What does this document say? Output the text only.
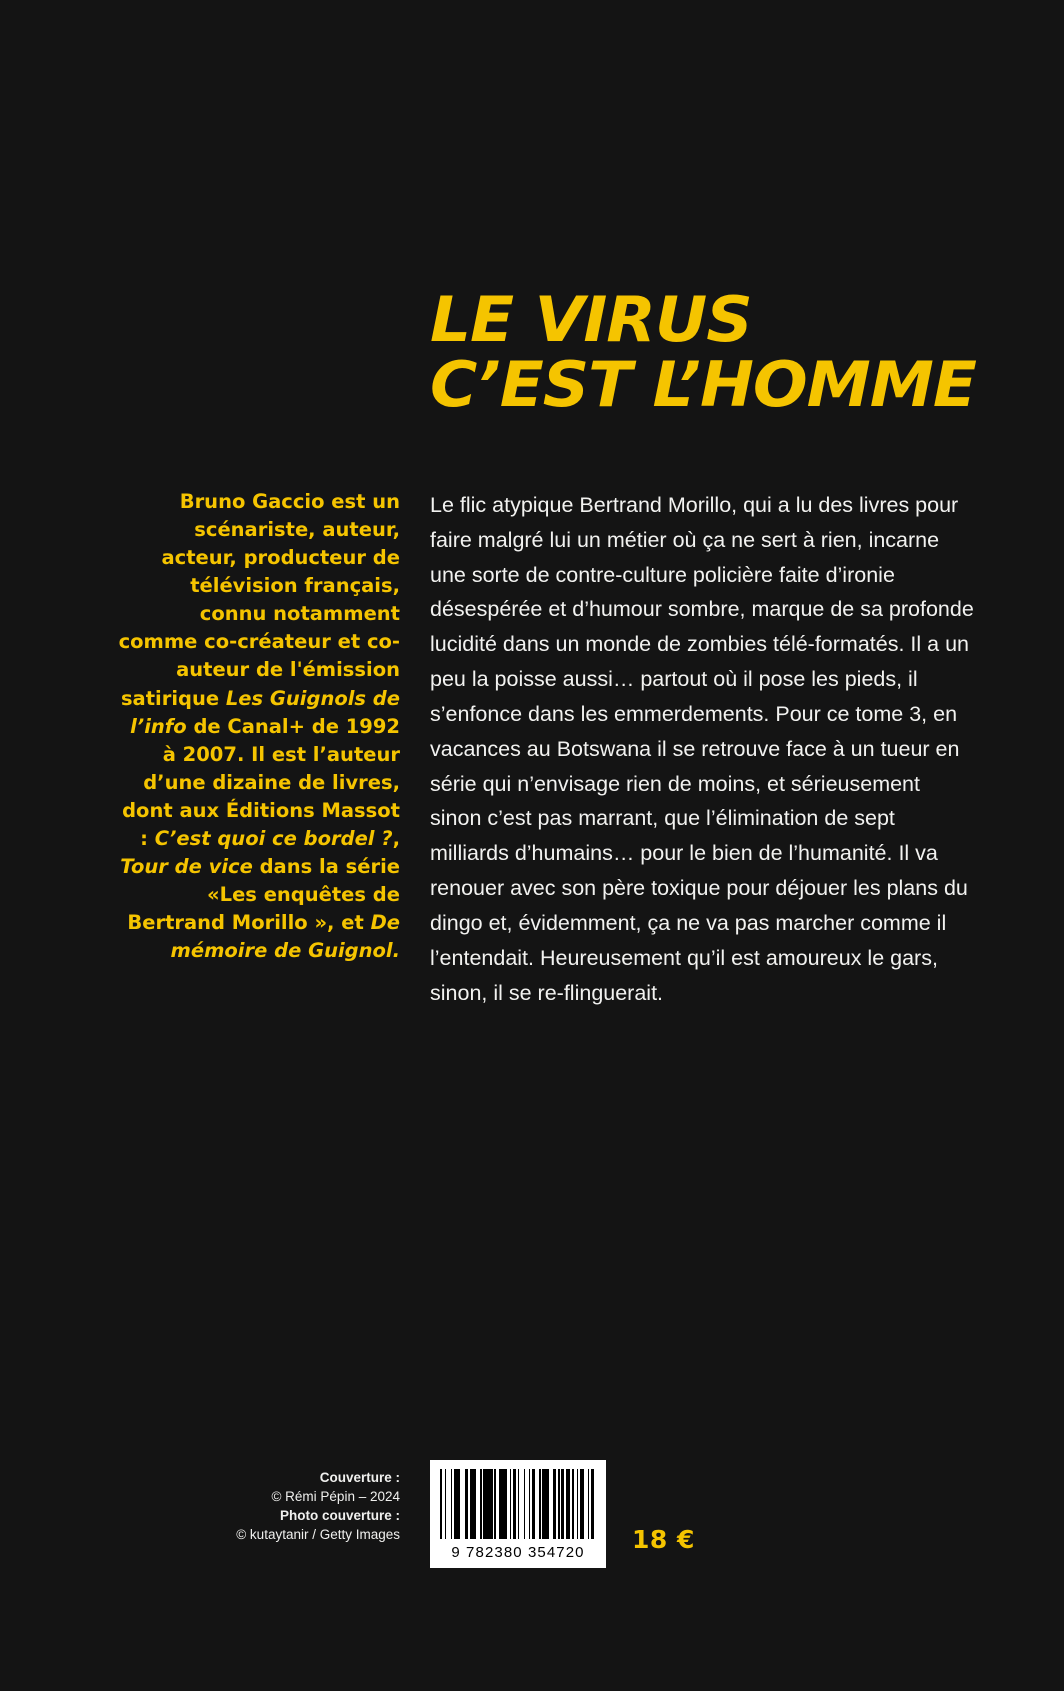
LE VIRUS
C’EST L’HOMME
Bruno Gaccio est un scénariste, auteur, acteur, producteur de télévision français, connu notamment comme co-créateur et co-auteur de l'émission satirique Les Guignols de l’info de Canal+ de 1992 à 2007. Il est l’auteur d’une dizaine de livres, dont aux Éditions Massot : C’est quoi ce bordel ?, Tour de vice dans la série «Les enquêtes de Bertrand Morillo », et De mémoire de Guignol.
Le flic atypique Bertrand Morillo, qui a lu des livres pour faire malgré lui un métier où ça ne sert à rien, incarne une sorte de contre-culture policière faite d’ironie désespérée et d’humour sombre, marque de sa profonde lucidité dans un monde de zombies télé-formatés. Il a un peu la poisse aussi… partout où il pose les pieds, il s’enfonce dans les emmerdements. Pour ce tome 3, en vacances au Botswana il se retrouve face à un tueur en série qui n’envisage rien de moins, et sérieusement sinon c’est pas marrant, que l’élimination de sept milliards d’humains… pour le bien de l’humanité. Il va renouer avec son père toxique pour déjouer les plans du dingo et, évidemment, ça ne va pas marcher comme il l’entendait. Heureusement qu’il est amoureux le gars, sinon, il se re-flinguerait.
Couverture :
© Rémi Pépin – 2024
Photo couverture :
© kutaytanir / Getty Images
9 782380 354720	18 €
